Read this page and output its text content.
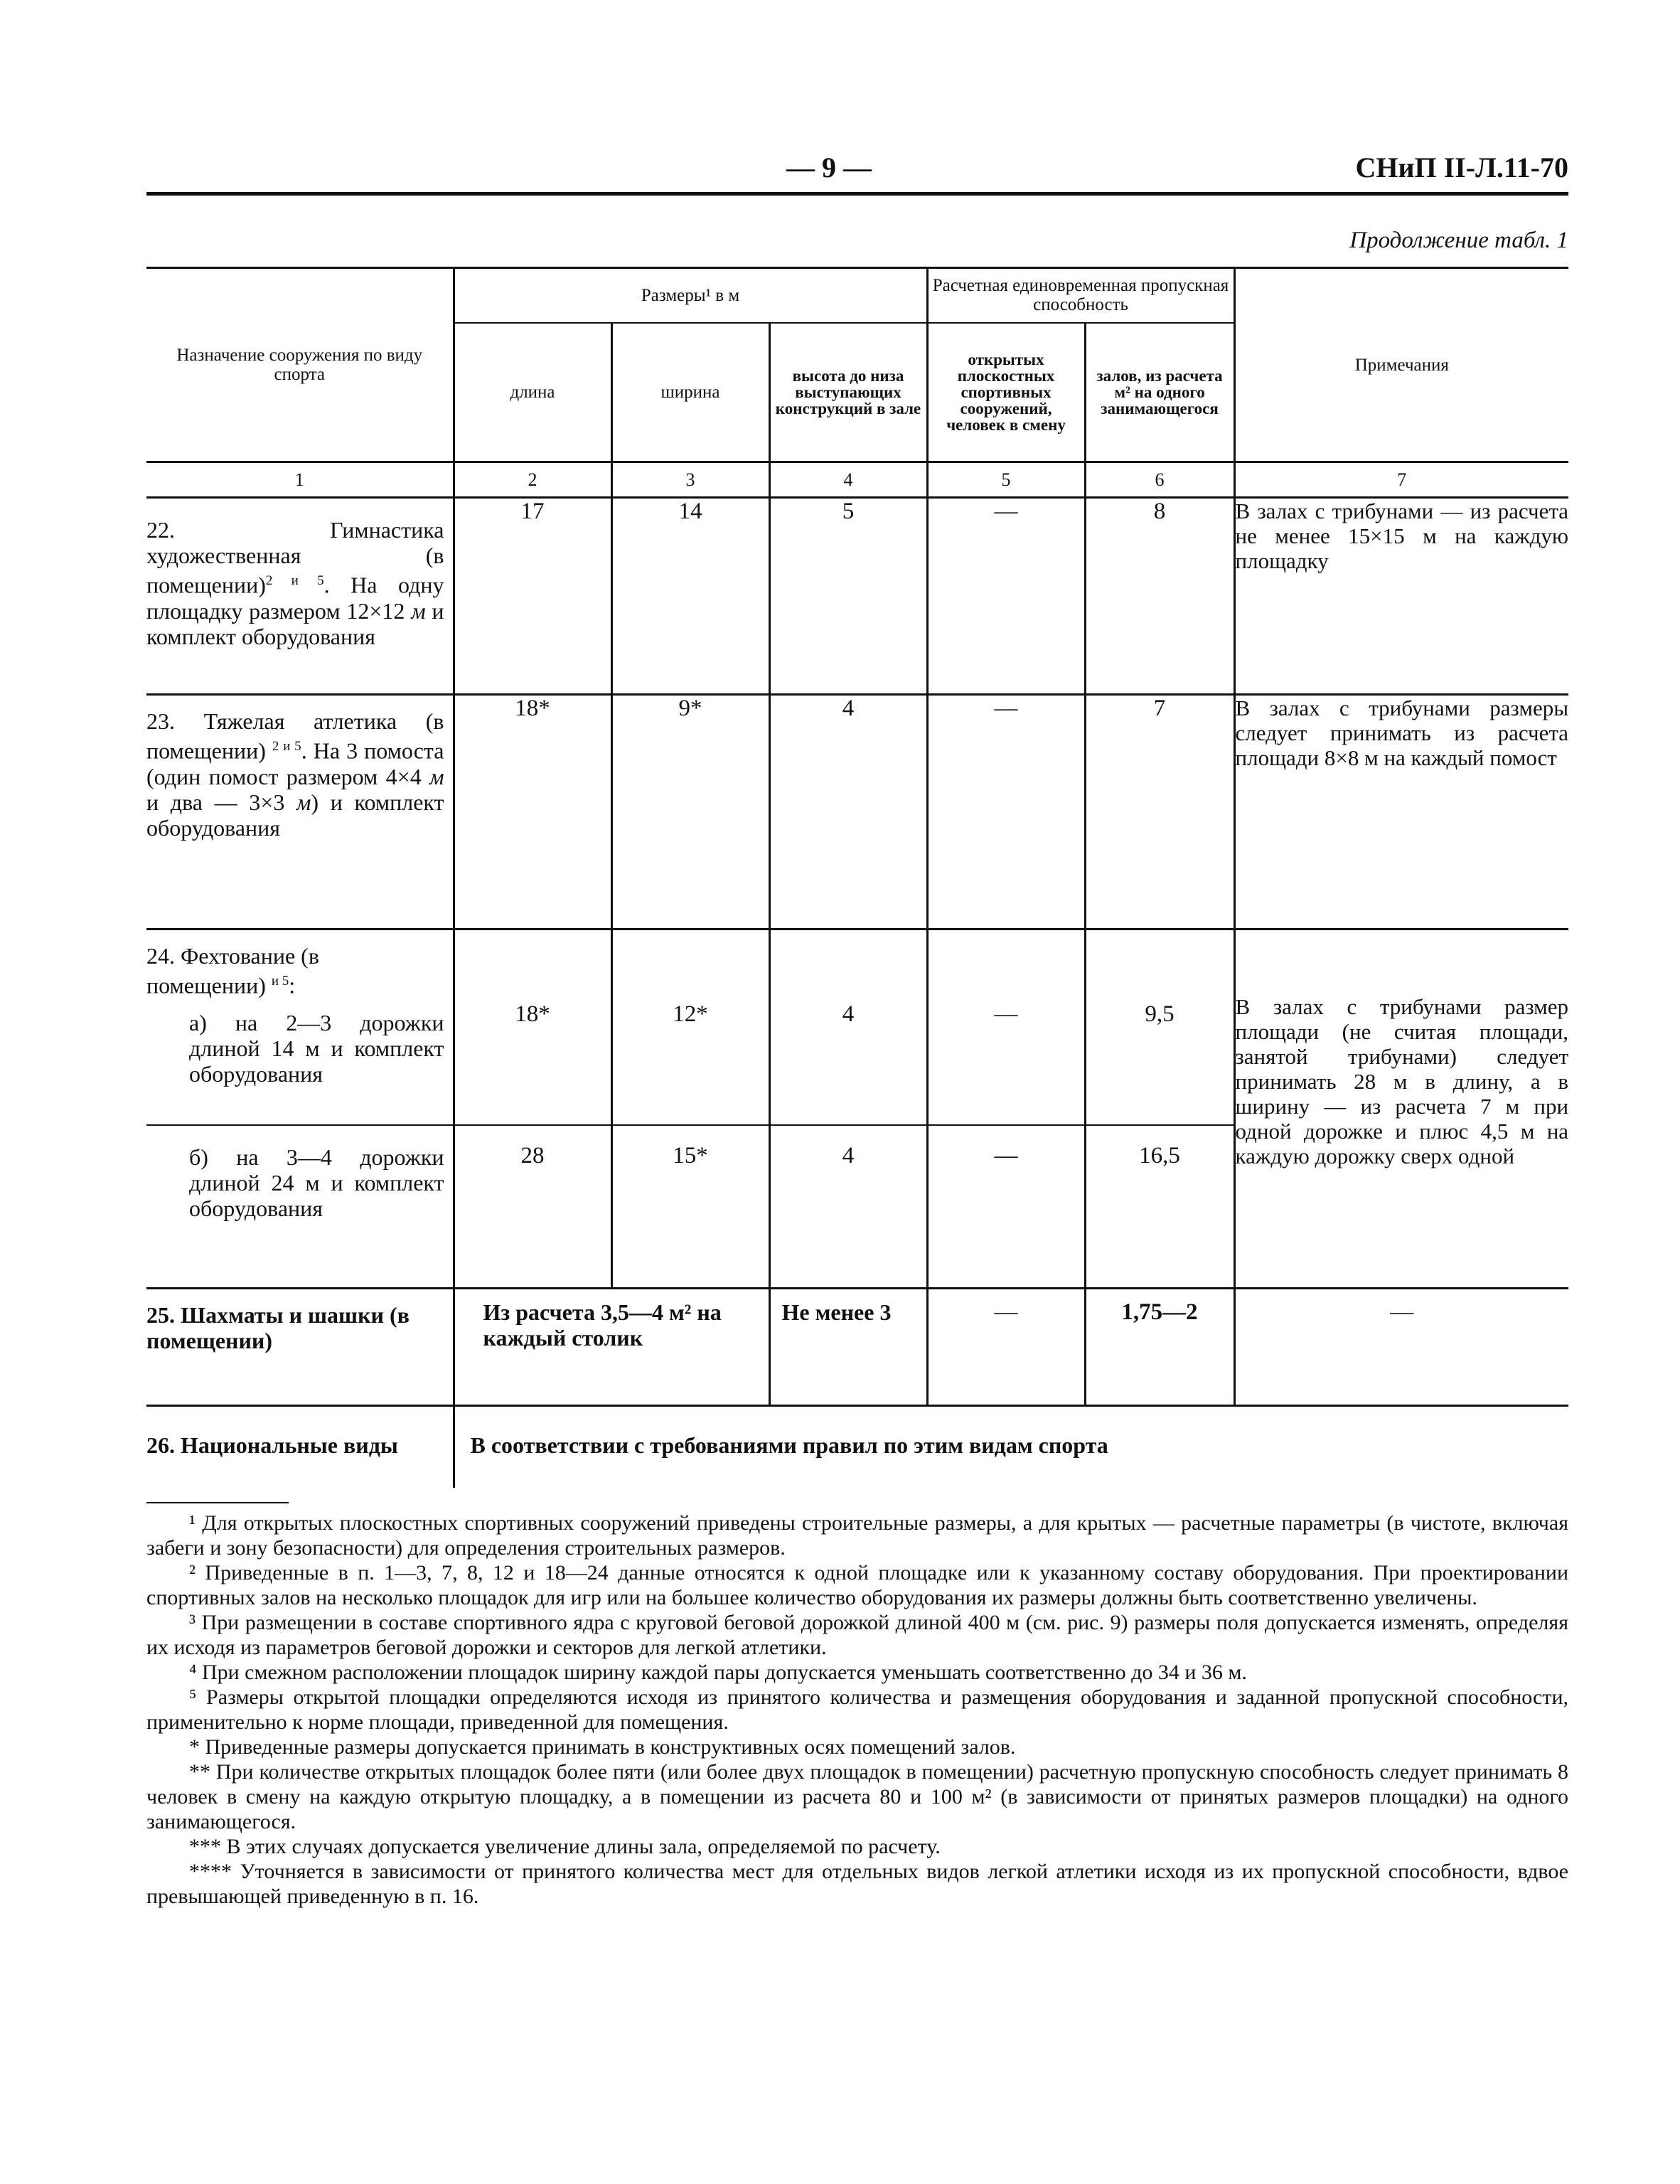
— 9 —	СНиП II-Л.11-70
Продолжение табл. 1
Назначение сооружения по виду спорта	Размеры¹ в м			Расчетная единовременная пропускная способность		Примечания
	длина	ширина	высота до низа выступающих конструкций в зале	открытых плоскостных спортивных сооружений, человек в смену	залов, из расчета м² на одного занимающегося	
1	2	3	4	5	6	7

22. Гимнастика художественная (в помещении)$^{2 и 5}$. На одну площадку размером 12×12 м и комплект оборудования	17	14	5	—	8	В залах с трибунами — из расчета не менее 15×15 м на каждую площадку

23. Тяжелая атлетика (в помещении) $^{2 и 5}$. На 3 помоста (один помост размером 4×4 м и два — 3×3 м) и комплект оборудования	18*	9*	4	—	7	В залах с трибунами размеры следует принимать из расчета площади 8×8 м на каждый помост

24. Фехтование (в помещении) $^{и 5}$:
а) на 2—3 дорожки длиной 14 м и комплект оборудования	18*	12*	4	—	9,5	В залах с трибунами размер площади (не считая площади, занятой трибунами) следует принимать 28 м в длину, а в ширину — из расчета 7 м при одной дорожке и плюс 4,5 м на каждую дорожку сверх одной

б) на 3—4 дорожки длиной 24 м и комплект оборудования	28	15*	4	—	16,5	
25. Шахматы и шашки (в помещении)	Из расчета 3,5—4 м² на каждый столик		Не менее 3	—	1,75—2	—
26. Национальные виды	В соответствии с требованиями правил по этим видам спорта					

¹ Для открытых плоскостных спортивных сооружений приведены строительные размеры, а для крытых — расчетные параметры (в чистоте, включая забеги и зону безопасности) для определения строительных размеров.

² Приведенные в п. 1—3, 7, 8, 12 и 18—24 данные относятся к одной площадке или к указанному составу оборудования. При проектировании спортивных залов на несколько площадок для игр или на большее количество оборудования их размеры должны быть соответственно увеличены.

³ При размещении в составе спортивного ядра с круговой беговой дорожкой длиной 400 м (см. рис. 9) размеры поля допускается изменять, определяя их исходя из параметров беговой дорожки и секторов для легкой атлетики.

⁴ При смежном расположении площадок ширину каждой пары допускается уменьшать соответственно до 34 и 36 м.

⁵ Размеры открытой площадки определяются исходя из принятого количества и размещения оборудования и заданной пропускной способности, применительно к норме площади, приведенной для помещения.

* Приведенные размеры допускается принимать в конструктивных осях помещений залов.

** При количестве открытых площадок более пяти (или более двух площадок в помещении) расчетную пропускную способность следует принимать 8 человек в смену на каждую открытую площадку, а в помещении из расчета 80 и 100 м² (в зависимости от принятых размеров площадки) на одного занимающегося.

*** В этих случаях допускается увеличение длины зала, определяемой по расчету.

**** Уточняется в зависимости от принятого количества мест для отдельных видов легкой атлетики исходя из их пропускной способности, вдвое превышающей приведенную в п. 16.
